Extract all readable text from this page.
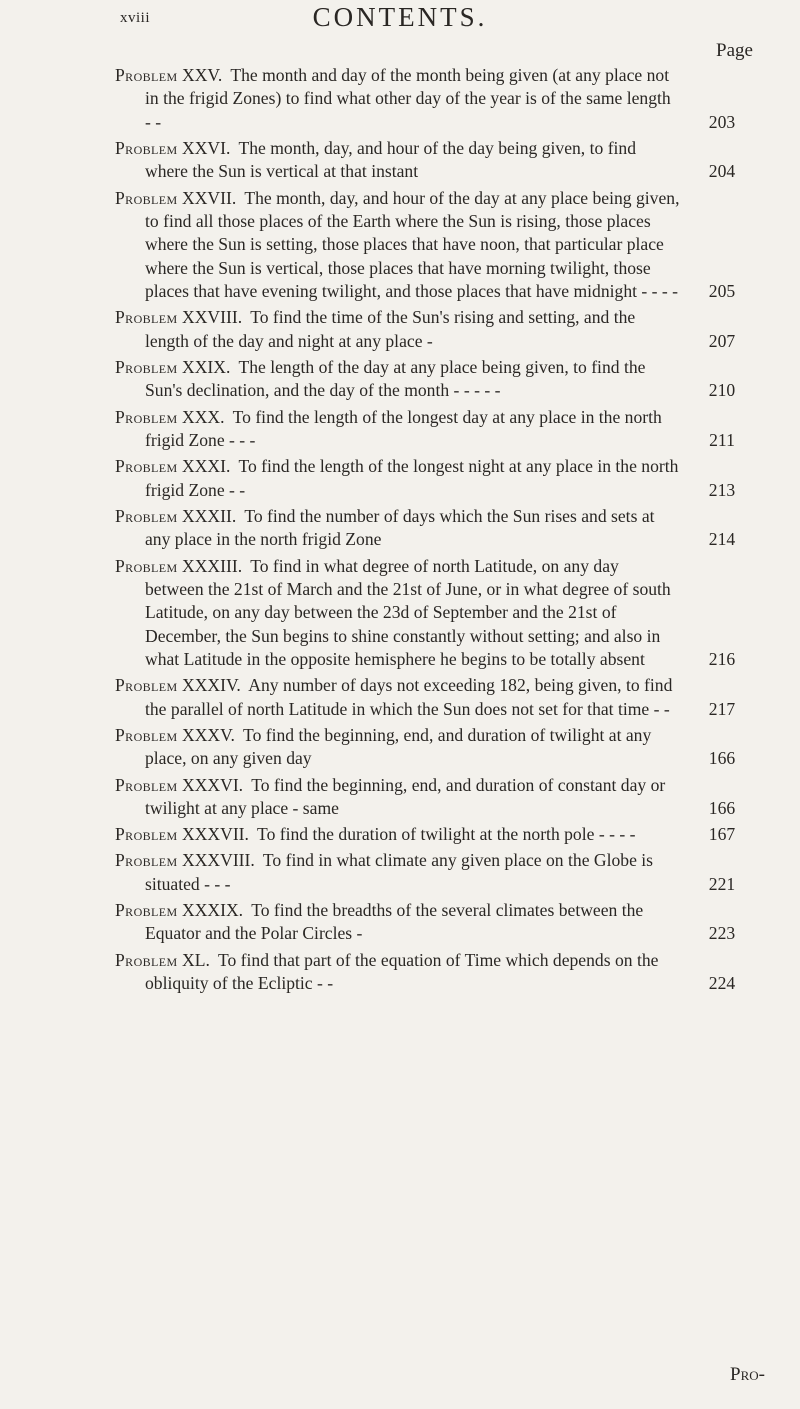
xviii	CONTENTS.
Page
Problem XXV. The month and day of the month being given (at any place not in the frigid Zones) to find what other day of the year is of the same length - -	203
Problem XXVI. The month, day, and hour of the day being given, to find where the Sun is vertical at that instant	204
Problem XXVII. The month, day, and hour of the day at any place being given, to find all those places of the Earth where the Sun is rising, those places where the Sun is setting, those places that have noon, that particular place where the Sun is vertical, those places that have morning twilight, those places that have evening twilight, and those places that have midnight - - - - 205
Problem XXVIII. To find the time of the Sun's rising and setting, and the length of the day and night at any place -	207
Problem XXIX. The length of the day at any place being given, to find the Sun's declination, and the day of the month - - - - -	210
Problem XXX. To find the length of the longest day at any place in the north frigid Zone - - -	211
Problem XXXI. To find the length of the longest night at any place in the north frigid Zone - -	213
Problem XXXII. To find the number of days which the Sun rises and sets at any place in the north frigid Zone	214
Problem XXXIII. To find in what degree of north Latitude, on any day between the 21st of March and the 21st of June, or in what degree of south Latitude, on any day between the 23d of September and the 21st of December, the Sun begins to shine constantly without setting; and also in what Latitude in the opposite hemisphere he begins to be totally absent	216
Problem XXXIV. Any number of days not exceeding 182, being given, to find the parallel of north Latitude in which the Sun does not set for that time - - 217
Problem XXXV. To find the beginning, end, and duration of twilight at any place, on any given day	166
Problem XXXVI. To find the beginning, end, and duration of constant day or twilight at any place - same	166
Problem XXXVII. To find the duration of twilight at the north pole - - - -	167
Problem XXXVIII. To find in what climate any given place on the Globe is situated - - -	221
Problem XXXIX. To find the breadths of the several climates between the Equator and the Polar Circles -	223
Problem XL. To find that part of the equation of Time which depends on the obliquity of the Ecliptic - -	224
Pro-
